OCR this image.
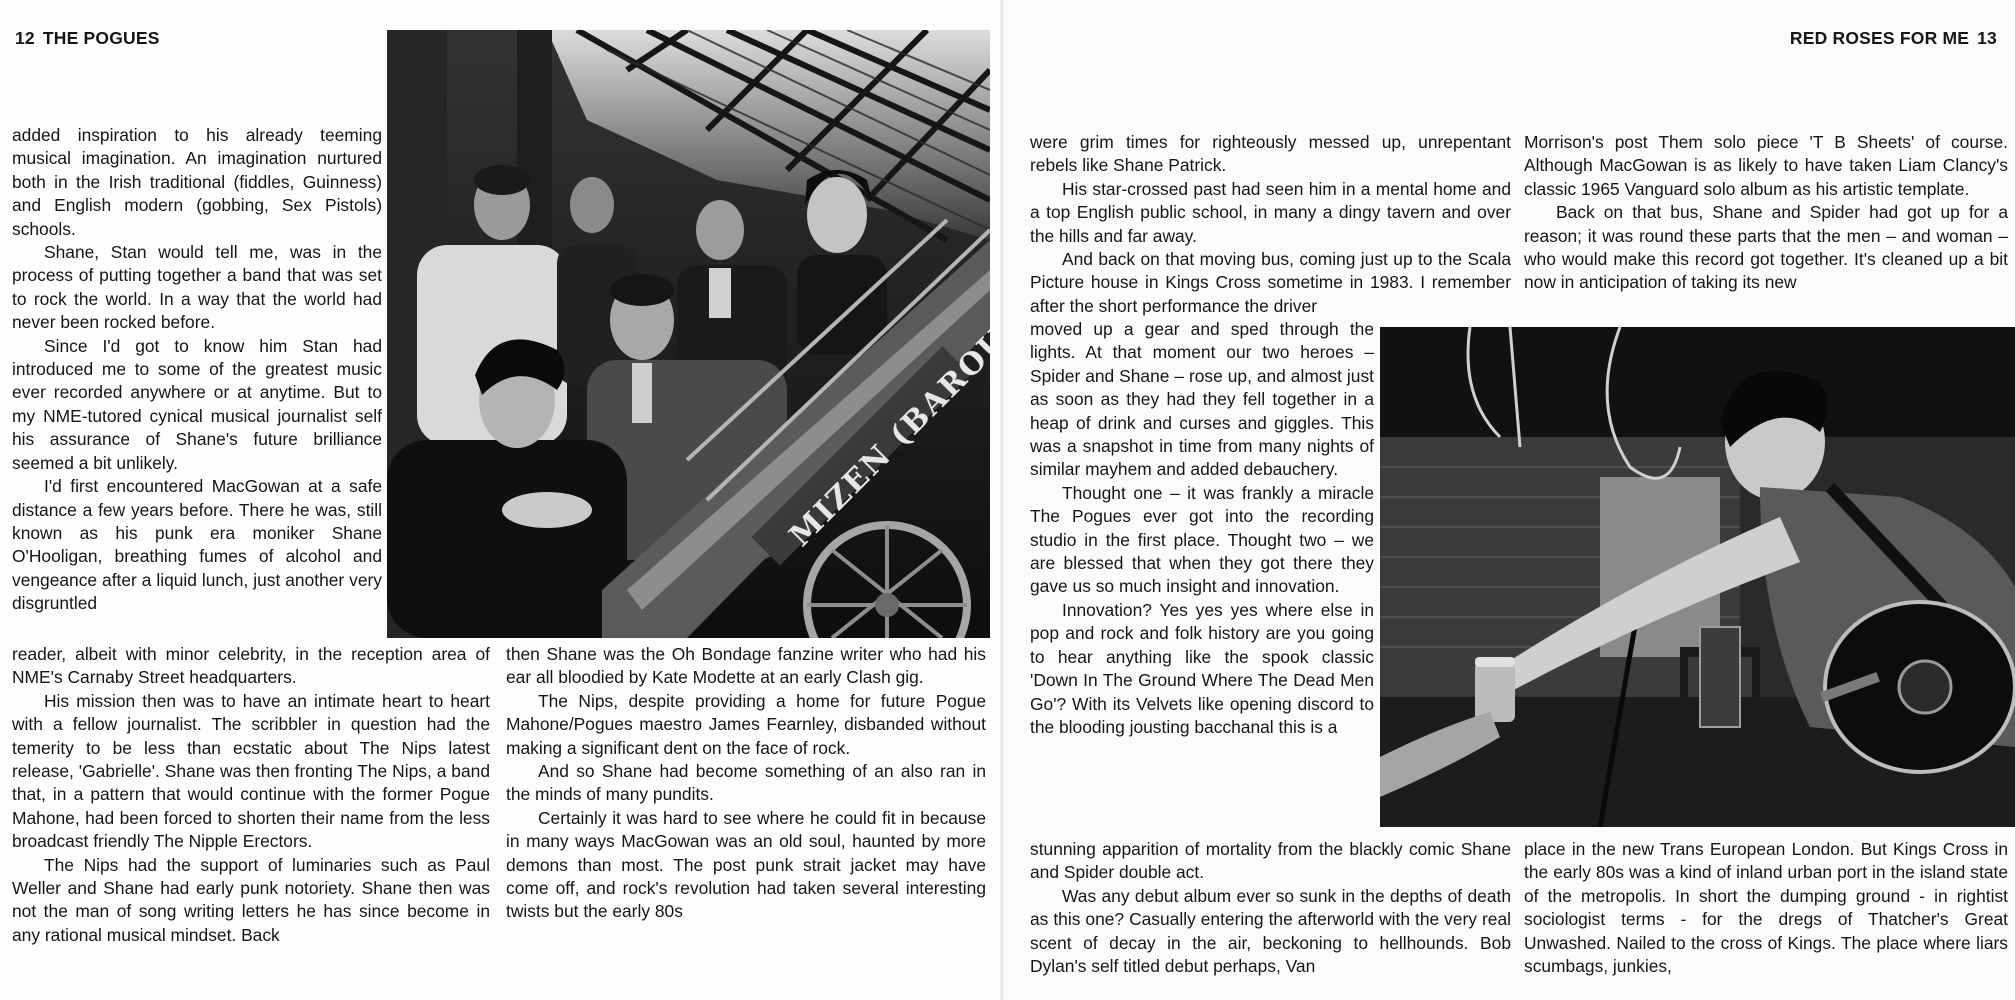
12 THE POGUES

added inspiration to his already teeming musical imagination. An imagination nurtured both in the Irish traditional (fiddles, Guinness) and English modern (gobbing, Sex Pistols) schools.

Shane, Stan would tell me, was in the process of putting together a band that was set to rock the world. In a way that the world had never been rocked before.

Since I'd got to know him Stan had introduced me to some of the greatest music ever recorded anywhere or at anytime. But to my NME-tutored cynical musical journalist self his assurance of Shane's future brilliance seemed a bit unlikely.

I'd first encountered MacGowan at a safe distance a few years before. There he was, still known as his punk era moniker Shane O'Hooligan, breathing fumes of alcohol and vengeance after a liquid lunch, just another very disgruntled

reader, albeit with minor celebrity, in the reception area of NME's Carnaby Street headquarters.

His mission then was to have an intimate heart to heart with a fellow journalist. The scribbler in question had the temerity to be less than ecstatic about The Nips latest release, 'Gabrielle'. Shane was then fronting The Nips, a band that, in a pattern that would continue with the former Pogue Mahone, had been forced to shorten their name from the less broadcast friendly The Nipple Erectors.

The Nips had the support of luminaries such as Paul Weller and Shane had early punk notoriety. Shane then was not the man of song writing letters he has since become in any rational musical mindset. Back

then Shane was the Oh Bondage fanzine writer who had his ear all bloodied by Kate Modette at an early Clash gig.

The Nips, despite providing a home for future Pogue Mahone/Pogues maestro James Fearnley, disbanded without making a significant dent on the face of rock.

And so Shane had become something of an also ran in the minds of many pundits.

Certainly it was hard to see where he could fit in because in many ways MacGowan was an old soul, haunted by more demons than most. The post punk strait jacket may have come off, and rock's revolution had taken several interesting twists but the early 80s

RED ROSES FOR ME 13

were grim times for righteously messed up, unrepentant rebels like Shane Patrick.

His star-crossed past had seen him in a mental home and a top English public school, in many a dingy tavern and over the hills and far away.

And back on that moving bus, coming just up to the Scala Picture house in Kings Cross sometime in 1983. I remember after the short performance the driver

moved up a gear and sped through the lights. At that moment our two heroes – Spider and Shane – rose up, and almost just as soon as they had they fell together in a heap of drink and curses and giggles. This was a snapshot in time from many nights of similar mayhem and added debauchery.

Thought one – it was frankly a miracle The Pogues ever got into the recording studio in the first place. Thought two – we are blessed that when they got there they gave us so much insight and innovation.

Innovation? Yes yes yes where else in pop and rock and folk history are you going to hear anything like the spook classic 'Down In The Ground Where The Dead Men Go'? With its Velvets like opening discord to the blooding jousting bacchanal this is a

stunning apparition of mortality from the blackly comic Shane and Spider double act.

Was any debut album ever so sunk in the depths of death as this one? Casually entering the afterworld with the very real scent of decay in the air, beckoning to hellhounds. Bob Dylan's self titled debut perhaps, Van

Morrison's post Them solo piece 'T B Sheets' of course. Although MacGowan is as likely to have taken Liam Clancy's classic 1965 Vanguard solo album as his artistic template.

Back on that bus, Shane and Spider had got up for a reason; it was round these parts that the men – and woman – who would make this record got together. It's cleaned up a bit now in anticipation of taking its new

place in the new Trans European London. But Kings Cross in the early 80s was a kind of inland urban port in the island state of the metropolis. In short the dumping ground - in rightist sociologist terms - for the dregs of Thatcher's Great Unwashed. Nailed to the cross of Kings. The place where liars scumbags, junkies,
